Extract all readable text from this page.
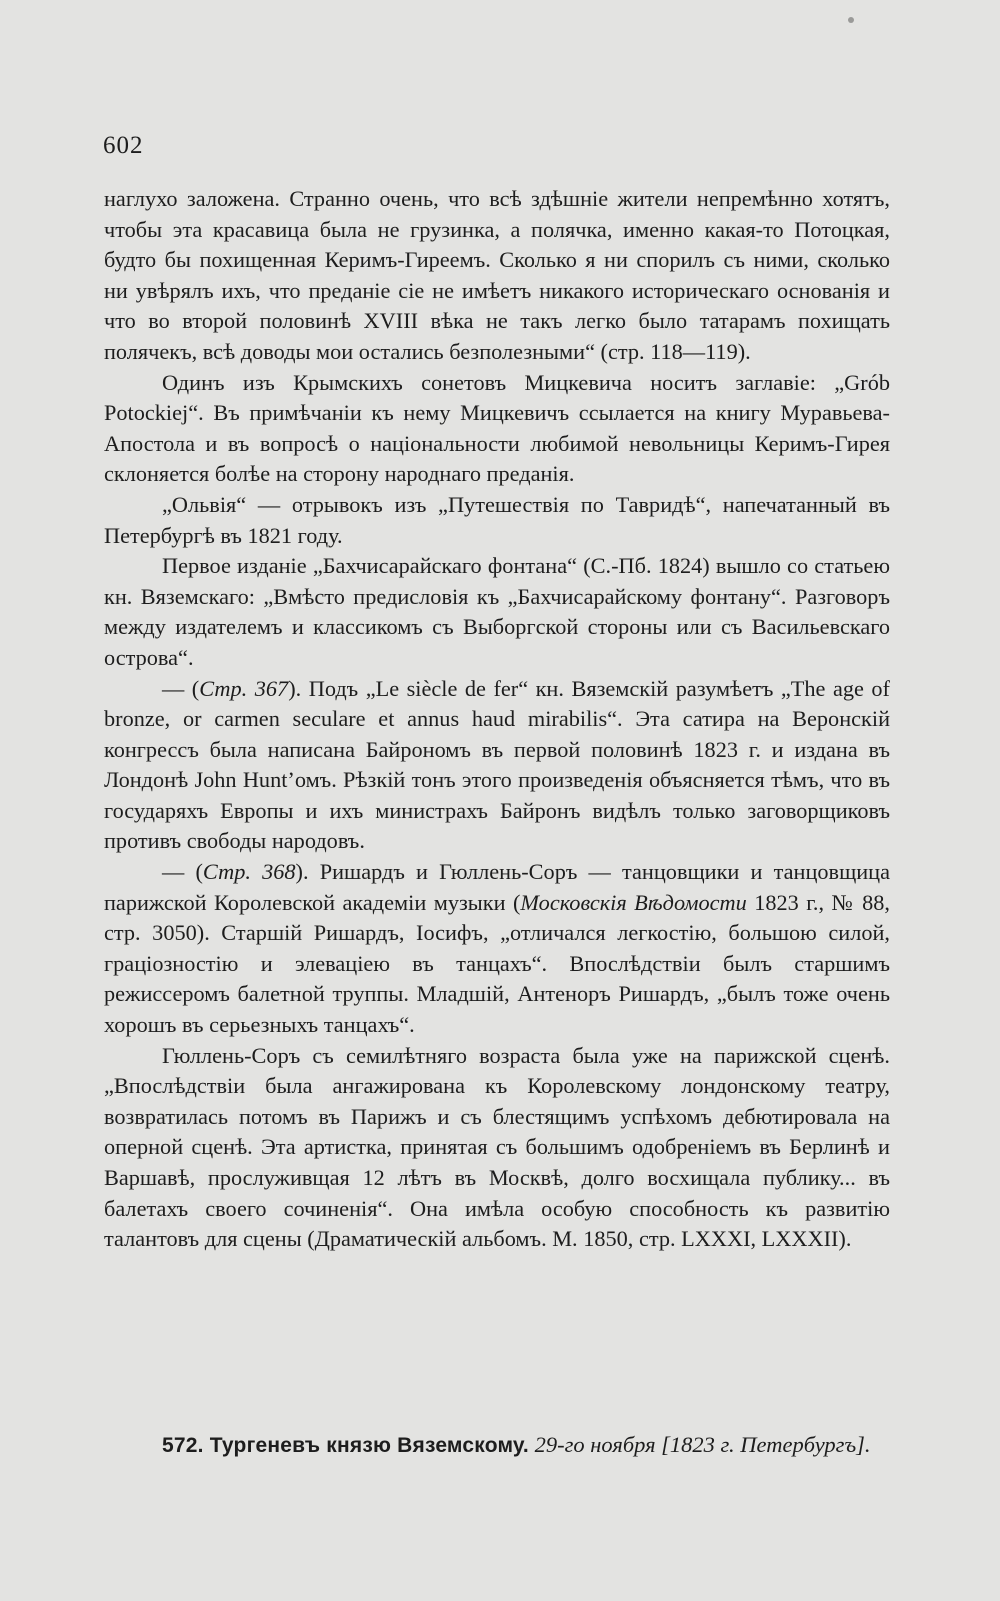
602

наглухо заложена. Странно очень, что всѣ здѣшніе жители непремѣнно хотятъ, чтобы эта красавица была не грузинка, а полячка, именно какая-то Потоцкая, будто бы похищенная Керимъ-Гиреемъ. Сколько я ни спорилъ съ ними, сколько ни увѣрялъ ихъ, что преданіе сіе не имѣетъ никакого историческаго основанія и что во второй половинѣ XVIII вѣка не такъ легко было татарамъ похищать полячекъ, всѣ доводы мои остались безполезными“ (стр. 118—119).

Одинъ изъ Крымскихъ сонетовъ Мицкевича носитъ заглавіе: „Grób Potockiej“. Въ примѣчаніи къ нему Мицкевичъ ссылается на книгу Муравьева-Апостола и въ вопросѣ о національности любимой невольницы Керимъ-Гирея склоняется болѣе на сторону народнаго преданія.

„Ольвія“ — отрывокъ изъ „Путешествія по Тавридѣ“, напечатанный въ Петербургѣ въ 1821 году.

Первое изданіе „Бахчисарайскаго фонтана“ (С.-Пб. 1824) вышло со статьею кн. Вяземскаго: „Вмѣсто предисловія къ „Бахчисарайскому фонтану“. Разговоръ между издателемъ и классикомъ съ Выборгской стороны или съ Васильевскаго острова“.

— (Стр. 367). Подъ „Le siècle de fer“ кн. Вяземскій разумѣетъ „The age of bronze, or carmen seculare et annus haud mirabilis“. Эта сатира на Веронскій конгрессъ была написана Байрономъ въ первой половинѣ 1823 г. и издана въ Лондонѣ John Hunt’омъ. Рѣзкій тонъ этого произведенія объясняется тѣмъ, что въ государяхъ Европы и ихъ министрахъ Байронъ видѣлъ только заговорщиковъ противъ свободы народовъ.

— (Стр. 368). Ришардъ и Гюллень-Соръ — танцовщики и танцовщица парижской Королевской академіи музыки (Московскія Вѣдомости 1823 г., № 88, стр. 3050). Старшій Ришардъ, Іосифъ, „отличался легкостію, большою силой, граціозностію и элеваціею въ танцахъ“. Впослѣдствіи былъ старшимъ режиссеромъ балетной труппы. Младшій, Антеноръ Ришардъ, „былъ тоже очень хорошъ въ серьезныхъ танцахъ“.

Гюллень-Соръ съ семилѣтняго возраста была уже на парижской сценѣ. „Впослѣдствіи была ангажирована къ Королевскому лондонскому театру, возвратилась потомъ въ Парижъ и съ блестящимъ успѣхомъ дебютировала на оперной сценѣ. Эта артистка, принятая съ большимъ одобреніемъ въ Берлинѣ и Варшавѣ, прослуживщая 12 лѣтъ въ Москвѣ, долго восхищала публику... въ балетахъ своего сочиненія“. Она имѣла особую способность къ развитію талантовъ для сцены (Драматическій альбомъ. М. 1850, стр. LXXXI, LXXXII).

572. Тургеневъ князю Вяземскому. 29-го ноября [1823 г. Петербургъ].
